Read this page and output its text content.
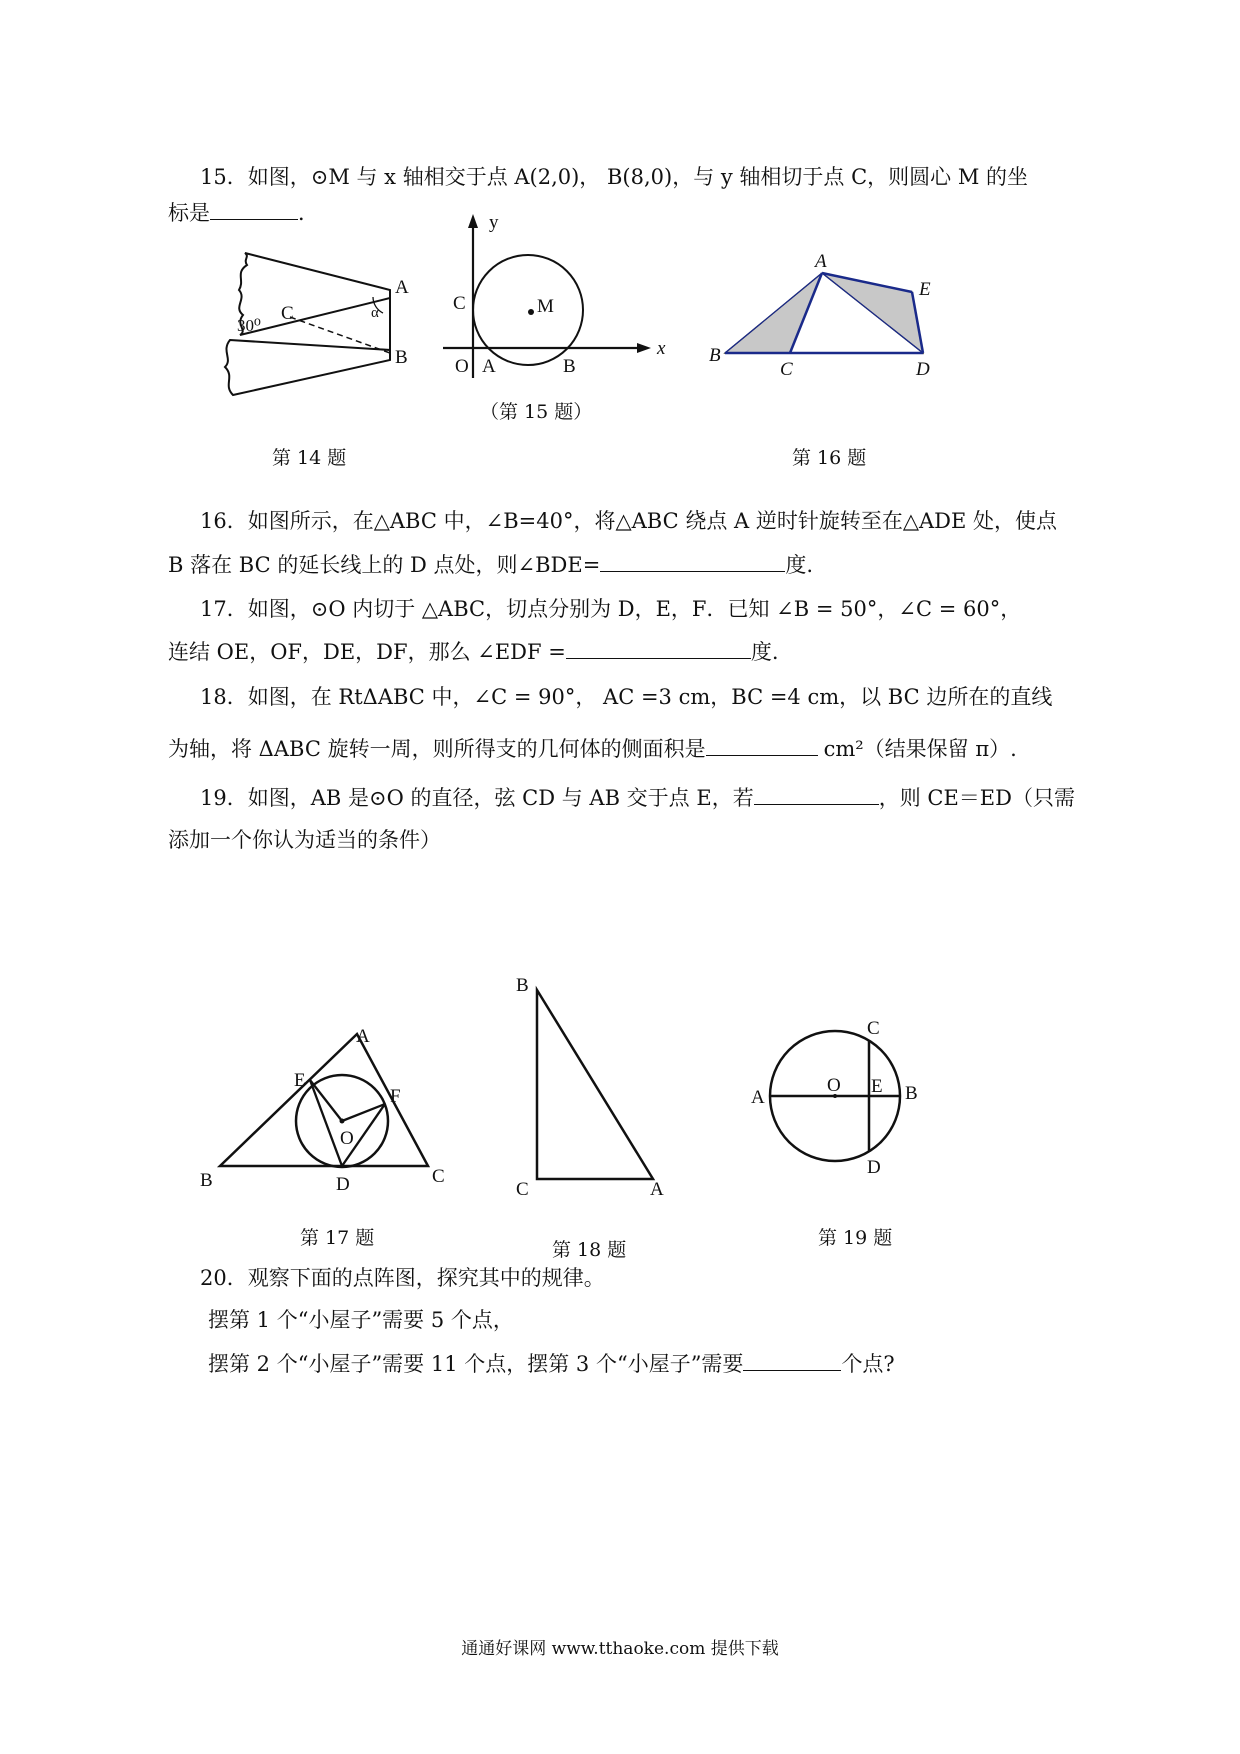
15．如图，⊙M 与 x 轴相交于点 A(2,0)， B(8,0)，与 y 轴相切于点 C，则圆心 M 的坐
标是	．
A
B
C
30⁰
α
第 14 题
y
x
C	M
O A	B
（第 15 题）
A
B
C	D
E
第 16 题
16．如图所示，在△ABC 中，∠B=40°，将△ABC 绕点 A 逆时针旋转至在△ADE 处，使点
B 落在 BC 的延长线上的 D 点处，则∠BDE=	度.
17．如图，⊙O 内切于 △ABC，切点分别为 D，E，F．已知 ∠B = 50°，∠C = 60°，
连结 OE，OF，DE，DF，那么 ∠EDF =	度.
18．如图，在 RtΔABC 中，∠C = 90°， AC =3 cm，BC =4 cm，以 BC 边所在的直线
为轴，将 ΔABC 旋转一周，则所得支的几何体的侧面积是	cm²（结果保留 π）.
19．如图，AB 是⊙O 的直径，弦 CD 与 AB 交于点 E，若	，则 CE＝ED（只需
添加一个你认为适当的条件）
A
B	C
D
E
F
O
第 17 题
B
C	A
第 18 题
A	B
C
D
E
O
第 19 题
20．观察下面的点阵图，探究其中的规律。
摆第 1 个“小屋子”需要 5 个点，
摆第 2 个“小屋子”需要 11 个点，摆第 3 个“小屋子”需要	个点?
通通好课网 www.tthaoke.com 提供下载
